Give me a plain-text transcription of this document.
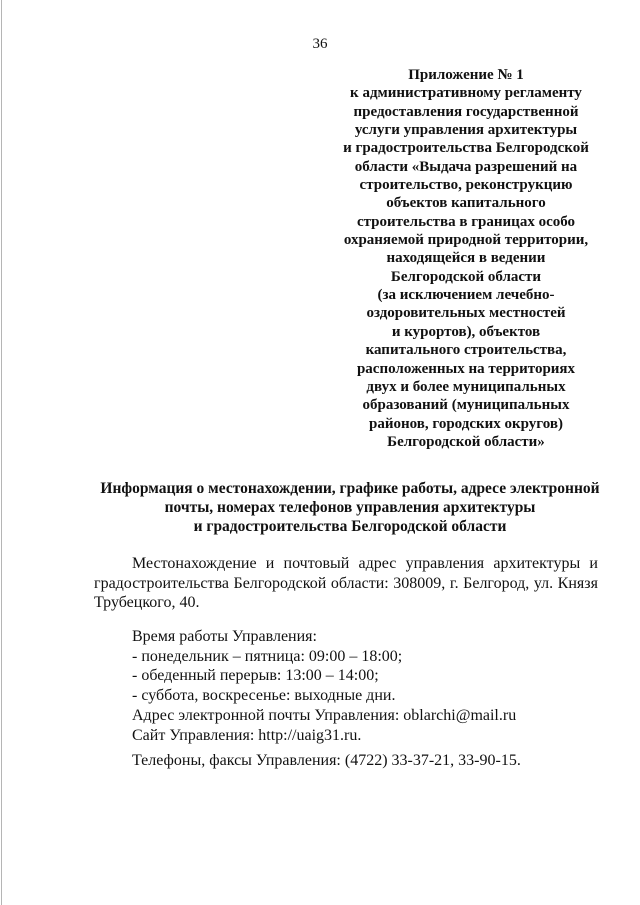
36
Приложение № 1
к административному регламенту
предоставления государственной
услуги управления архитектуры
и градостроительства Белгородской
области «Выдача разрешений на
строительство, реконструкцию
объектов капитального
строительства в границах особо
охраняемой природной территории,
находящейся в ведении
Белгородской области
(за исключением лечебно-
оздоровительных местностей
и курортов), объектов
капитального строительства,
расположенных на территориях
двух и более муниципальных
образований (муниципальных
районов, городских округов)
Белгородской области»
Информация о местонахождении, графике работы, адресе электронной
почты, номерах телефонов управления архитектуры
и градостроительства Белгородской области
Местонахождение и почтовый адрес управления архитектуры и
градостроительства Белгородской области: 308009, г. Белгород, ул. Князя
Трубецкого, 40.
Время работы Управления:
- понедельник – пятница: 09:00 – 18:00;
- обеденный перерыв: 13:00 – 14:00;
- суббота, воскресенье: выходные дни.
Адрес электронной почты Управления: oblarchi@mail.ru
Сайт Управления: http://uaig31.ru.
Телефоны, факсы Управления: (4722) 33-37-21, 33-90-15.
